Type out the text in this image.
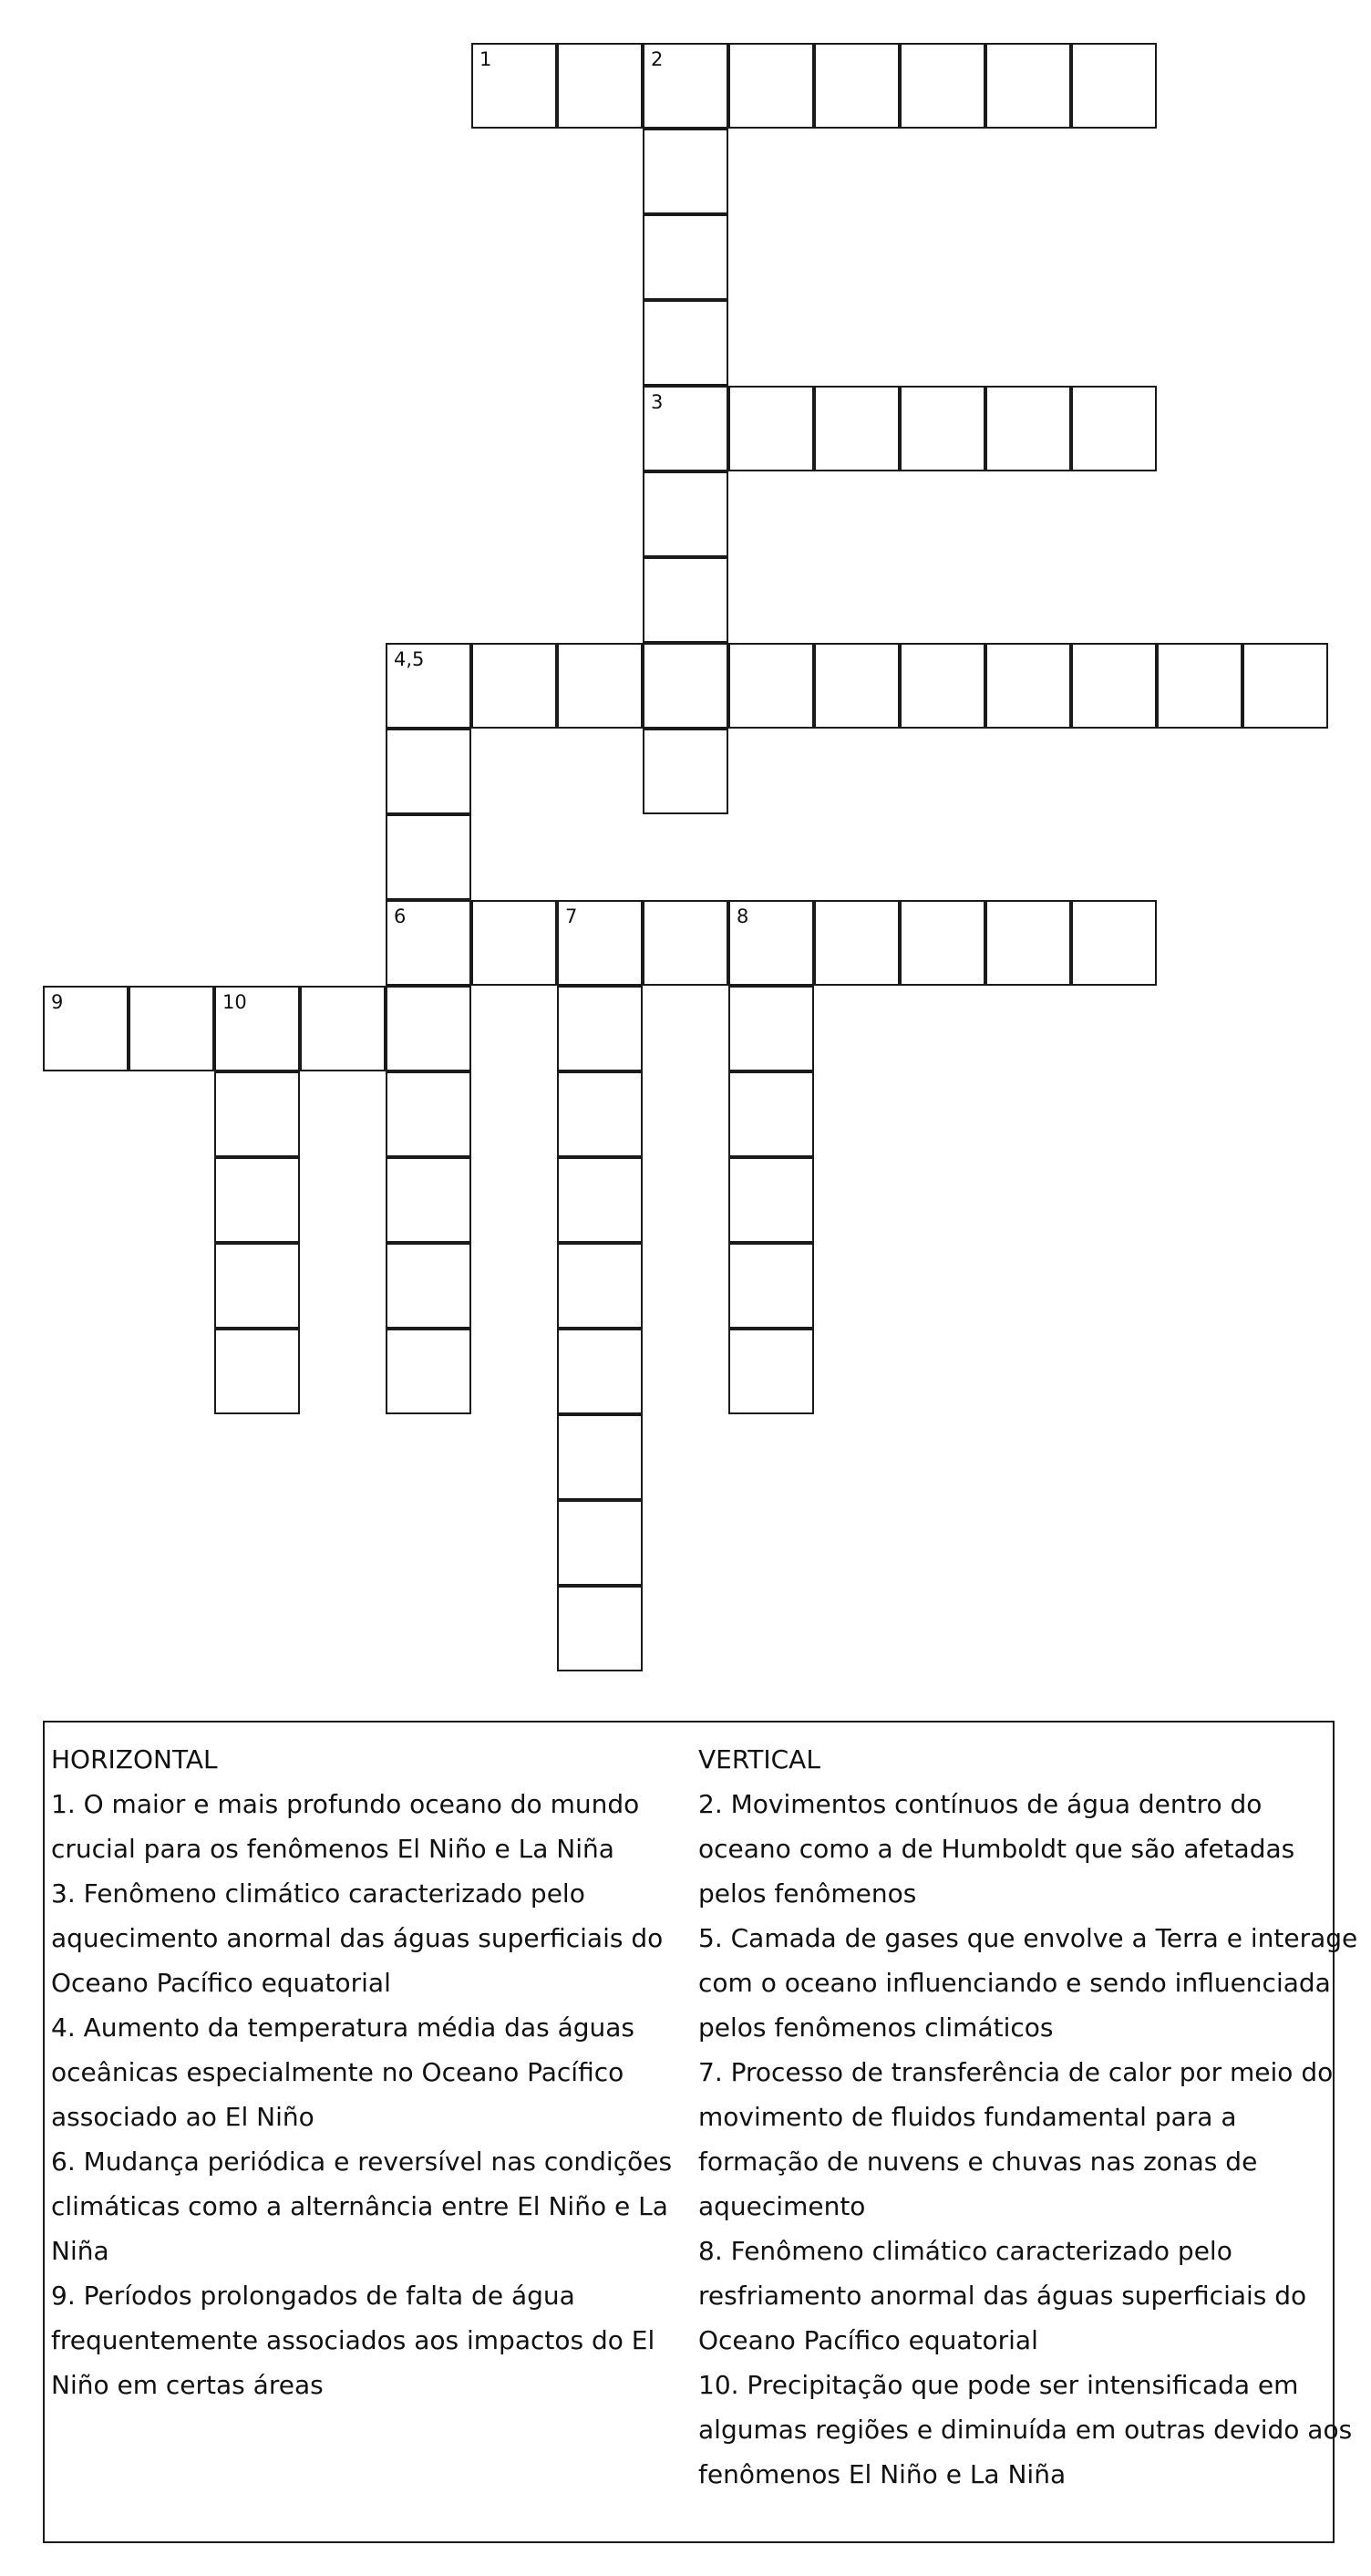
1	2
3
4,5
6	7	8
9	10
HORIZONTAL
1. O maior e mais profundo oceano do mundo
crucial para os fenômenos El Niño e La Niña
3. Fenômeno climático caracterizado pelo
aquecimento anormal das águas superficiais do
Oceano Pacífico equatorial
4. Aumento da temperatura média das águas
oceânicas especialmente no Oceano Pacífico
associado ao El Niño
6. Mudança periódica e reversível nas condições
climáticas como a alternância entre El Niño e La
Niña
9. Períodos prolongados de falta de água
frequentemente associados aos impactos do El
Niño em certas áreas
VERTICAL
2. Movimentos contínuos de água dentro do
oceano como a de Humboldt que são afetadas
pelos fenômenos
5. Camada de gases que envolve a Terra e interage
com o oceano influenciando e sendo influenciada
pelos fenômenos climáticos
7. Processo de transferência de calor por meio do
movimento de fluidos fundamental para a
formação de nuvens e chuvas nas zonas de
aquecimento
8. Fenômeno climático caracterizado pelo
resfriamento anormal das águas superficiais do
Oceano Pacífico equatorial
10. Precipitação que pode ser intensificada em
algumas regiões e diminuída em outras devido aos
fenômenos El Niño e La Niña
